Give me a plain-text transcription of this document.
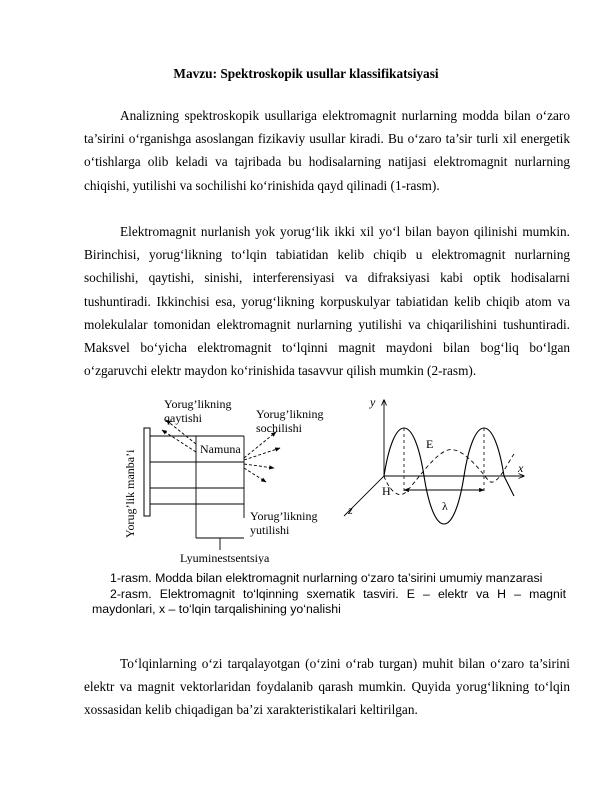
Mavzu: Spektroskopik usullar klassifikatsiyasi

Analizning spektroskopik usullariga elektromagnit nurlarning modda bilan o‘zaro ta’sirini o‘rganishga asoslangan fizikaviy usullar kiradi. Bu o‘zaro ta’sir turli xil energetik o‘tishlarga olib keladi va tajribada bu hodisalarning natijasi elektromagnit nurlarning chiqishi, yutilishi va sochilishi ko‘rinishida qayd qilinadi (1-rasm).

Elektromagnit nurlanish yok yorug‘lik ikki xil yo‘l bilan bayon qilinishi mumkin. Birinchisi, yorug‘likning to‘lqin tabiatidan kelib chiqib u elektromagnit nurlarning sochilishi, qaytishi, sinishi, interferensiyasi va difraksiyasi kabi optik hodisalarni tushuntiradi. Ikkinchisi esa, yorug‘likning korpuskulyar tabiatidan kelib chiqib atom va molekulalar tomonidan elektromagnit nurlarning yutilishi va chiqarilishini tushuntiradi. Maksvel bo‘yicha elektromagnit to‘lqinni magnit maydoni bilan bog‘liq bo‘lgan o‘zgaruvchi elektr maydon ko‘rinishida tasavvur qilish mumkin (2-rasm).

Yorug’likning
qaytishi	Yorug’likning
sochilishi
Namuna
Yorug’lik manba’i	Yorug’likning
yutilishi
Lyuminestsentsiya
y
x
z
E
H
λ
1-rasm. Modda bilan elektromagnit nurlarning o‘zaro ta’sirini umumiy manzarasi
2-rasm. Elektromagnit to‘lqinning sxematik tasviri. E – elektr va H – magnit maydonlari, x – to‘lqin tarqalishining yo‘nalishi

To‘lqinlarning o‘zi tarqalayotgan (o‘zini o‘rab turgan) muhit bilan o‘zaro ta’sirini elektr va magnit vektorlaridan foydalanib qarash mumkin. Quyida yorug‘likning to‘lqin xossasidan kelib chiqadigan ba’zi xarakteristikalari keltirilgan.
